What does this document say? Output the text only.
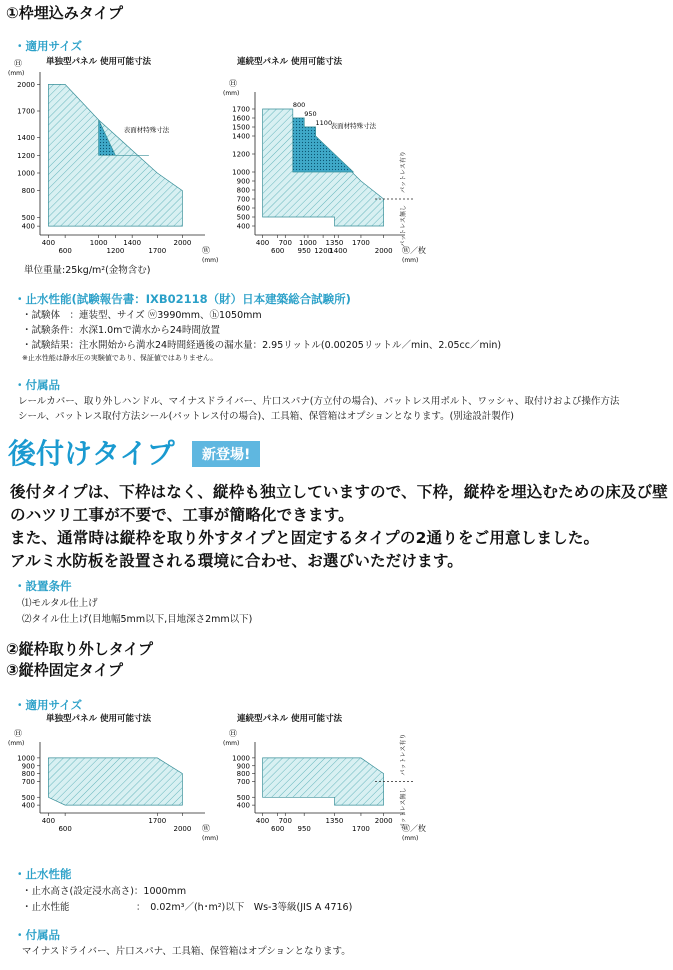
①枠埋込みタイプ
・適用サイズ
単独型パネル 使用可能寸法	連続型パネル 使用可能寸法
400
500
800
1000
1200
1400
1700
2000
400
600
1000
1200
1400
1700
2000
Ⓗ
(mm)
Ⓦ
(mm)
表面材特殊寸法
400
500
600
700
800
900
1000
1200
1400
1500
1600
1700
400
600
700
950
1000
1200
1350
1400
1700
2000
Ⓗ
(mm)
Ⓦ／枚
(mm)
表面材特殊寸法
パットレス有り
パットレス無し
800
950
1100
単位重量:25kg/m²(金物含む)
・止水性能(試験報告書：IXB02118（財）日本建築総合試験所)
・試験体　：連装型、サイズ ⓦ3990mm、ⓗ1050mm
・試験条件：水深1.0mで満水から24時間放置
・試験結果：注水開始から満水24時間経過後の漏水量：2.95リットル(0.00205リットル／min、2.05cc／min)
※止水性能は静水圧の実験値であり、保証値ではありません。
・付属品
レールカバー、取り外しハンドル、マイナスドライバー、片口スパナ(方立付の場合)、パットレス用ボルト、ワッシャ、取付けおよび操作方法
シール、パットレス取付方法シール(パットレス付の場合)、工具箱、保管箱はオプションとなります。(別途設計製作)
後付けタイプ	新登場!
後付タイプは、下枠はなく、縦枠も独立していますので、下枠，縦枠を埋込むための床及び壁
のハツリ工事が不要で、工事が簡略化できます。
また、通常時は縦枠を取り外すタイプと固定するタイプの2通りをご用意しました。
アルミ水防板を設置される環境に合わせ、お選びいただけます。
・設置条件
⑴モルタル仕上げ
⑵タイル仕上げ(目地幅5mm以下,目地深さ2mm以下)
②縦枠取り外しタイプ
③縦枠固定タイプ
・適用サイズ
単独型パネル 使用可能寸法	連続型パネル 使用可能寸法
400
500
700
800
900
1000
400
600
1700
2000
Ⓗ
(mm)
Ⓦ
(mm)
400
500
700
800
900
1000
400
600
700
950
1350
1700
2000
Ⓗ
(mm)
Ⓦ／枚
(mm)
パットレス有り
パットレス無し
・止水性能
・止水高さ(設定浸水高さ)：1000mm
・止水性能　　　　　　　：　0.02m³／(h･m²)以下　Ws-3等級(JIS A 4716)
・付属品
マイナスドライバー、片口スパナ、工具箱、保管箱はオプションとなります。
